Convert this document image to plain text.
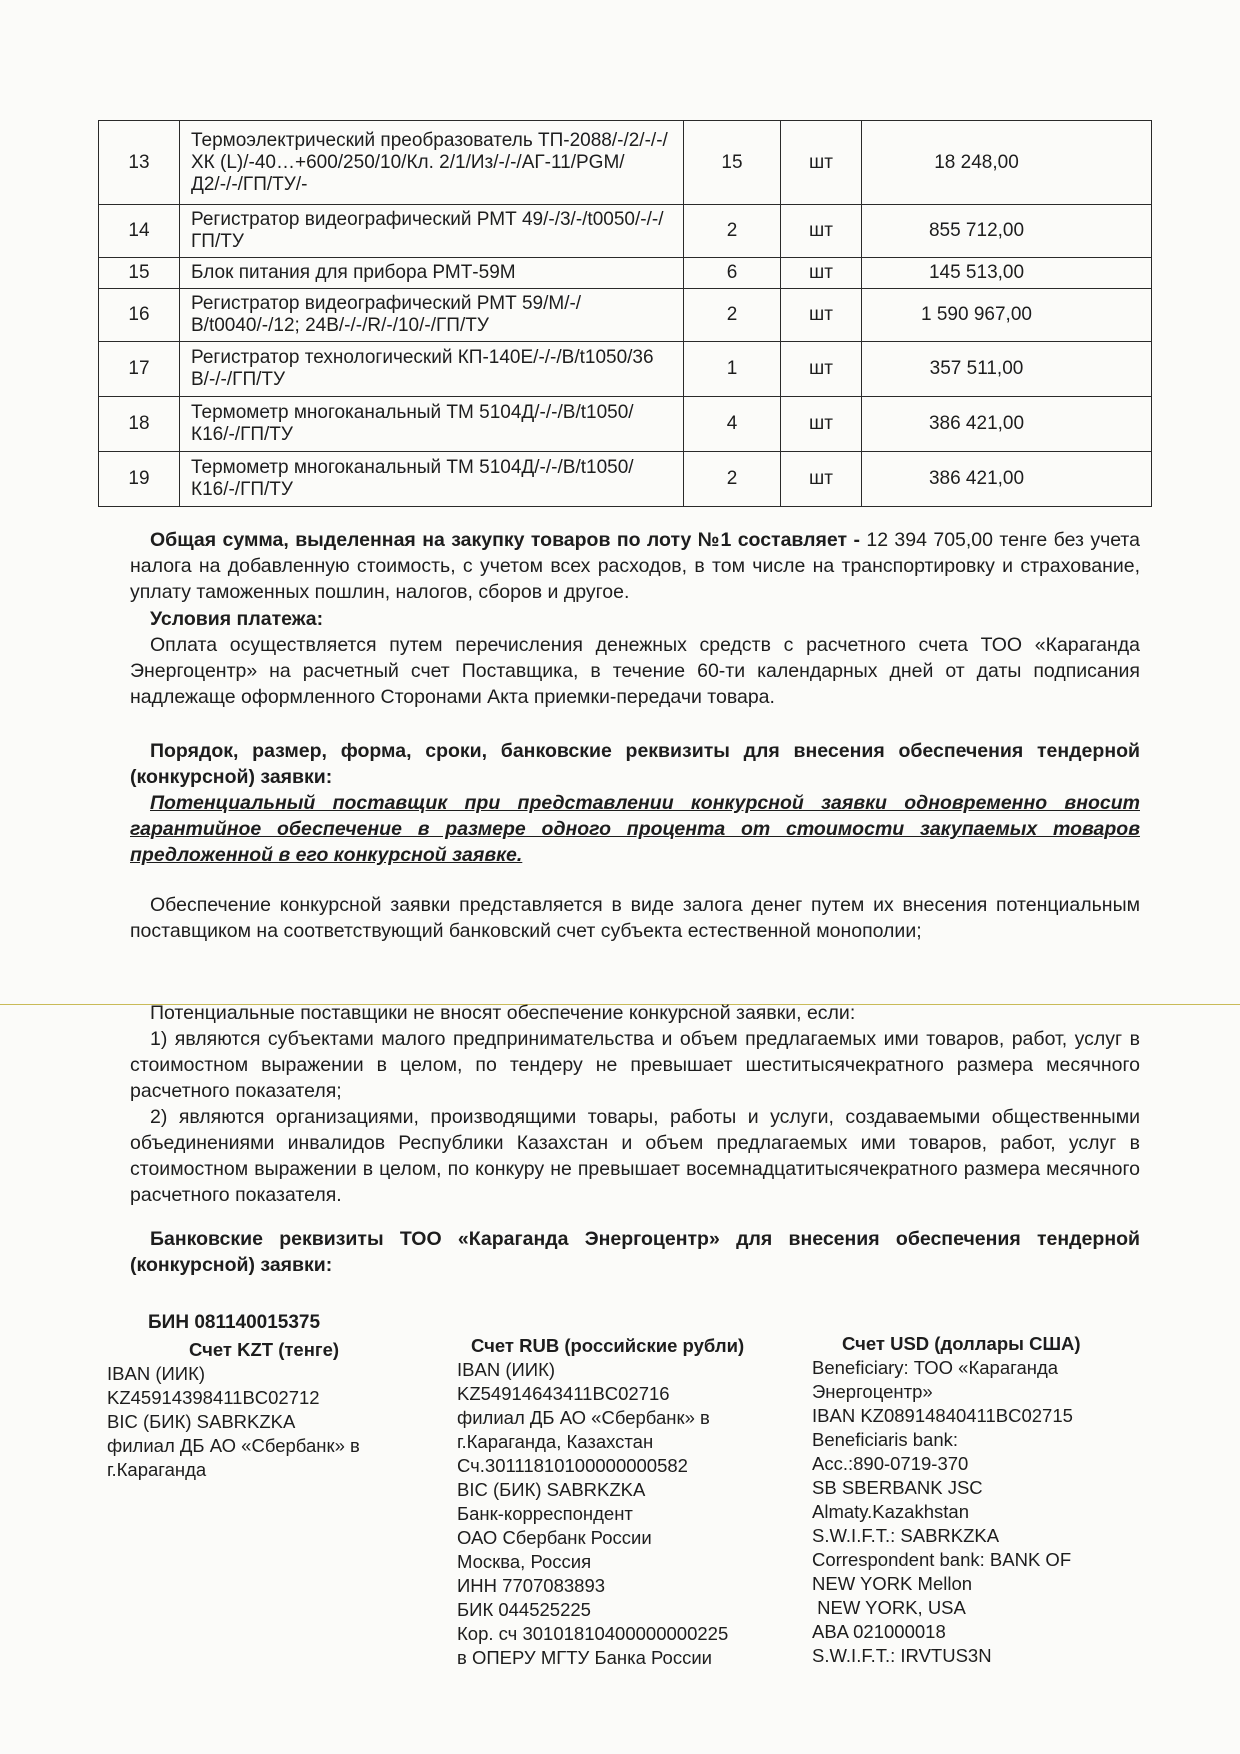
13	Термоэлектрический преобразователь ТП-2088/-/2/-/-/ХК (L)/-40…+600/250/10/Кл. 2/1/Из/-/-/АГ-11/PGM/Д2/-/-/ГП/ТУ/-	15	шт	18 248,00
14	Регистратор видеографический РМТ 49/-/3/-/t0050/-/-/ГП/ТУ	2	шт	855 712,00
15	Блок питания для прибора РМТ-59М	6	шт	145 513,00
16	Регистратор видеографический РМТ 59/М/-/В/t0040/-/12; 24В/-/-/R/-/10/-/ГП/ТУ	2	шт	1 590 967,00
17	Регистратор технологический КП-140Е/-/-/В/t1050/36 В/-/-/ГП/ТУ	1	шт	357 511,00
18	Термометр многоканальный ТМ 5104Д/-/-/В/t1050/К16/-/ГП/ТУ	4	шт	386 421,00
19	Термометр многоканальный ТМ 5104Д/-/-/В/t1050/К16/-/ГП/ТУ	2	шт	386 421,00
Общая сумма, выделенная на закупку товаров по лоту №1 составляет - 12 394 705,00 тенге без учета налога на добавленную стоимость, с учетом всех расходов, в том числе на транспортировку и страхование, уплату таможенных пошлин, налогов, сборов и другое.
Условия платежа:
Оплата осуществляется путем перечисления денежных средств с расчетного счета ТОО «Караганда Энергоцентр» на расчетный счет Поставщика, в течение 60-ти календарных дней от даты подписания надлежаще оформленного Сторонами Акта приемки-передачи товара.
Порядок, размер, форма, сроки, банковские реквизиты для внесения обеспечения тендерной (конкурсной) заявки:
Потенциальный поставщик при представлении конкурсной заявки одновременно вносит гарантийное обеспечение в размере одного процента от стоимости закупаемых товаров предложенной в его конкурсной заявке.
Обеспечение конкурсной заявки представляется в виде залога денег путем их внесения потенциальным поставщиком на соответствующий банковский счет субъекта естественной монополии;
Потенциальные поставщики не вносят обеспечение конкурсной заявки, если:
1) являются субъектами малого предпринимательства и объем предлагаемых ими товаров, работ, услуг в стоимостном выражении в целом, по тендеру не превышает шеститысячекратного размера месячного расчетного показателя;
2) являются организациями, производящими товары, работы и услуги, создаваемыми общественными объединениями инвалидов Республики Казахстан и объем предлагаемых ими товаров, работ, услуг в стоимостном выражении в целом, по конкуру не превышает восемнадцатитысячекратного размера месячного расчетного показателя.
Банковские реквизиты ТОО «Караганда Энергоцентр» для внесения обеспечения тендерной (конкурсной) заявки:
БИН 081140015375
Счет KZT (тенге)
IBAN (ИИК)
KZ45914398411BC02712
BIC (БИК) SABRKZKA
филиал ДБ АО «Сбербанк» в
г.Караганда
Счет RUB (российские рубли)
IBAN (ИИК)
KZ54914643411BC02716
филиал ДБ АО «Сбербанк» в
г.Караганда, Казахстан
Сч.30111810100000000582
BIC (БИК) SABRKZKA
Банк-корреспондент
ОАО Сбербанк России
Москва, Россия
ИНН 7707083893
БИК 044525225
Кор. сч 30101810400000000225
в ОПЕРУ МГТУ Банка России
Счет USD (доллары США)
Beneficiary: ТОО «Караганда
Энергоцентр»
IBAN KZ08914840411BC02715
Beneficiaris bank:
Acc.:890-0719-370
SB SBERBANK JSC
Almaty.Kazakhstan
S.W.I.F.T.: SABRKZKA
Correspondent bank: BANK OF
NEW YORK Mellon
NEW YORK, USA
ABA 021000018
S.W.I.F.T.: IRVTUS3N
